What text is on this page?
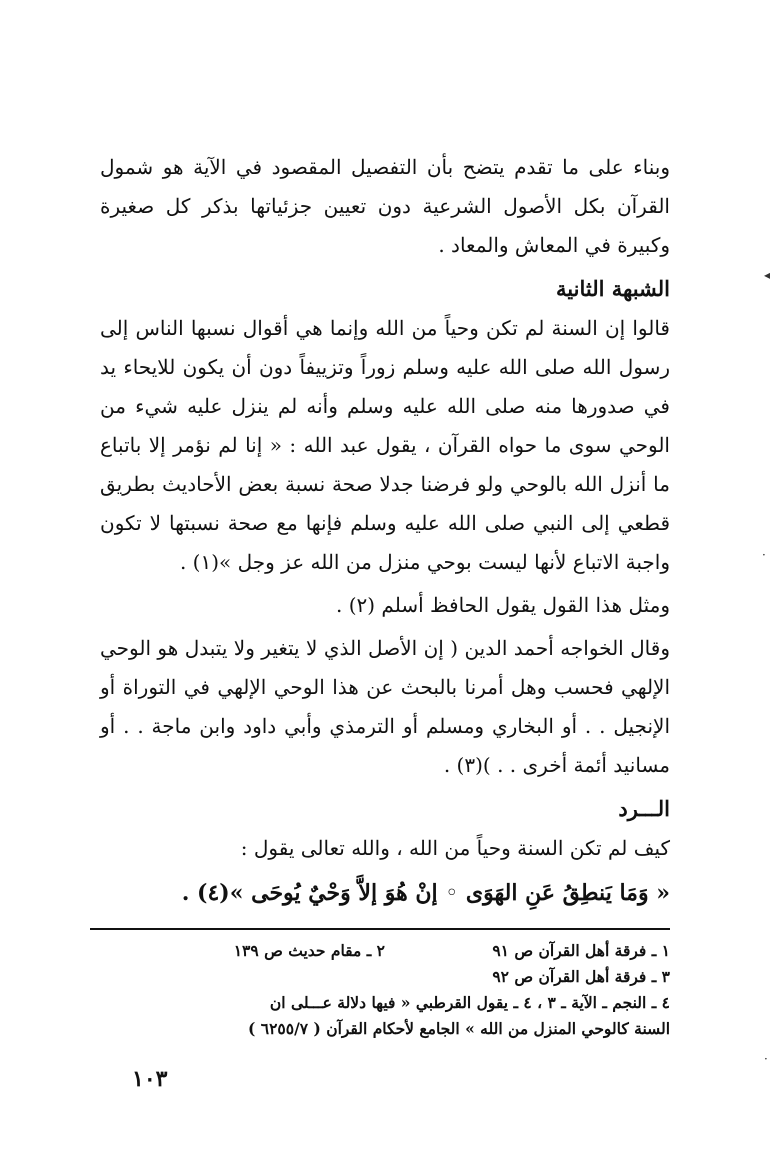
◂
·
·

وبناء على ما تقدم يتضح بأن التفصيل المقصود في الآية هو شمول القرآن بكل الأصول الشرعية دون تعيين جزئياتها بذكر كل صغيرة وكبيرة في المعاش والمعاد .

الشبهة الثانية

قالوا إن السنة لم تكن وحياً من الله وإنما هي أقوال نسبها الناس إلى رسول الله صلى الله عليه وسلم زوراً وتزييفاً دون أن يكون للايحاء يد في صدورها منه صلى الله عليه وسلم وأنه لم ينزل عليه شيء من الوحي سوى ما حواه القرآن ، يقول عبد الله : « إنا لم نؤمر إلا باتباع ما أنزل الله بالوحي ولو فرضنا جدلا صحة نسبة بعض الأحاديث بطريق قطعي إلى النبي صلى الله عليه وسلم فإنها مع صحة نسبتها لا تكون واجبة الاتباع لأنها ليست بوحي منزل من الله عز وجل »(١) .

ومثل هذا القول يقول الحافظ أسلم (٢) .

وقال الخواجه أحمد الدين ( إن الأصل الذي لا يتغير ولا يتبدل هو الوحي الإلهي فحسب وهل أمرنا بالبحث عن هذا الوحي الإلهي في التوراة أو الإنجيل . . أو البخاري ومسلم أو الترمذي وأبي داود وابن ماجة . . أو مسانيد أئمة أخرى . . )(٣) .

الـــرد

كيف لم تكن السنة وحياً من الله ، والله تعالى يقول :

« وَمَا يَنطِقُ عَنِ الهَوَى ◦ إنْ هُوَ إلاَّ وَحْيٌ يُوحَى »(٤) .

١ ـ فرقة أهل القرآن ص ٩١
٢ ـ مقام حديث ص ١٣٩
٣ ـ فرقة أهل القرآن ص ٩٢
٤ ـ النجم ـ الآية ـ ٣ ، ٤ ـ يقول القرطبي « فيها دلالة عـــلى ان
السنة كالوحي المنزل من الله » الجامع لأحكام القرآن ( ٦٢٥٥/٧ )
١٠٣
